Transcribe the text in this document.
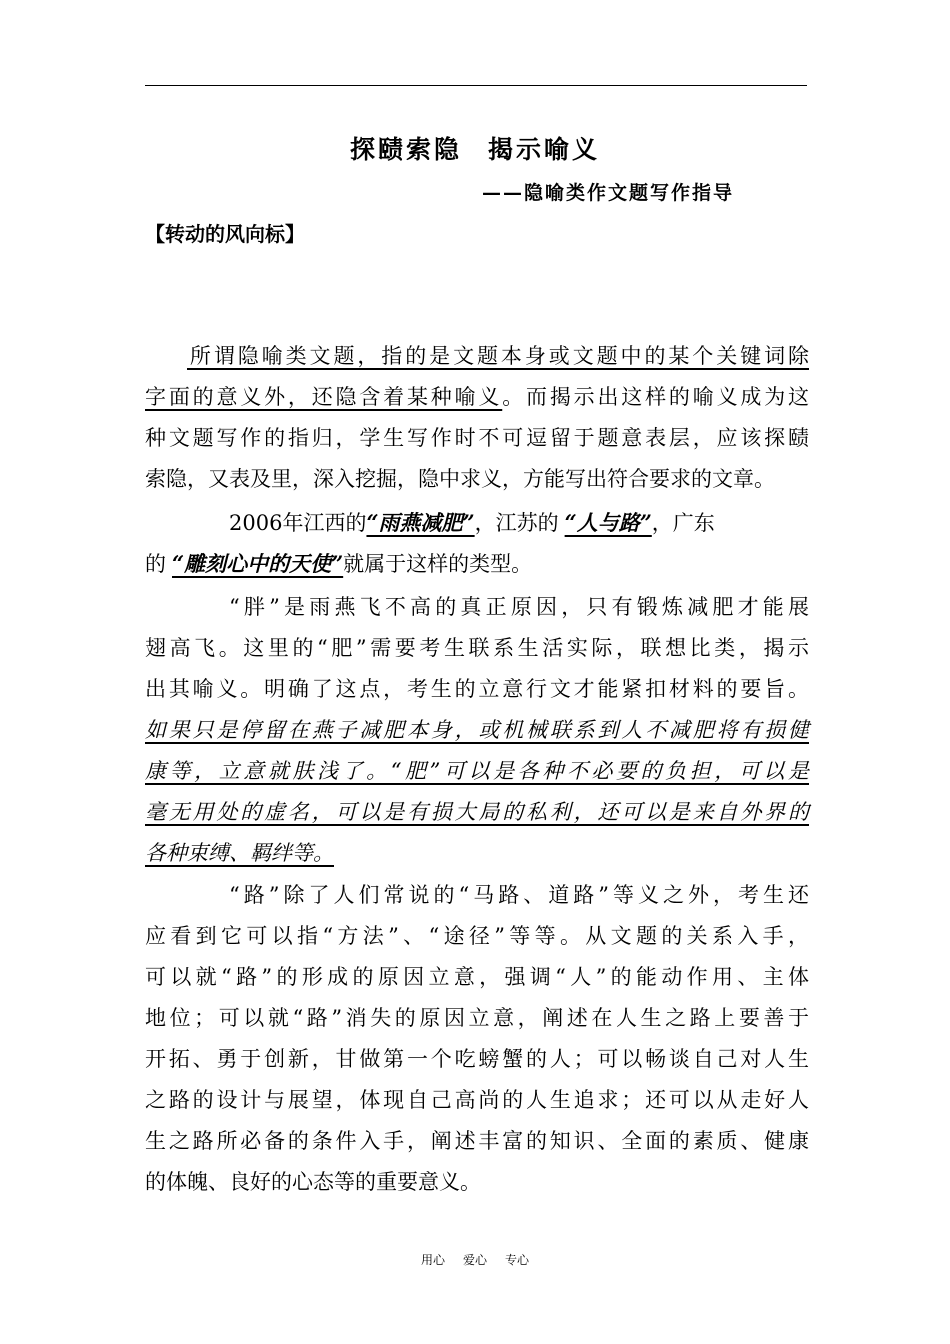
探赜索隐 揭示喻义
——隐喻类作文题写作指导
【转动的风向标】
所谓隐喻类文题，指的是文题本身或文题中的某个关键词除
字面的意义外，还隐含着某种喻义。而揭示出这样的喻义成为这
种文题写作的指归，学生写作时不可逗留于题意表层，应该探赜
索隐，又表及里，深入挖掘，隐中求义，方能写出符合要求的文章。
2006年江西的“雨燕减肥”，江苏的 “人与路”，广东
的 “雕刻心中的天使”就属于这样的类型。
“胖”是雨燕飞不高的真正原因，只有锻炼减肥才能展
翅高飞。这里的“肥”需要考生联系生活实际，联想比类，揭示
出其喻义。明确了这点，考生的立意行文才能紧扣材料的要旨。
如果只是停留在燕子减肥本身，或机械联系到人不减肥将有损健
康等，立意就肤浅了。“肥”可以是各种不必要的负担，可以是
毫无用处的虚名，可以是有损大局的私利，还可以是来自外界的
各种束缚、羁绊等。
“路”除了人们常说的“马路、道路”等义之外，考生还
应看到它可以指“方法”、“途径”等等。从文题的关系入手，
可以就“路”的形成的原因立意，强调“人”的能动作用、主体
地位；可以就“路”消失的原因立意，阐述在人生之路上要善于
开拓、勇于创新，甘做第一个吃螃蟹的人；可以畅谈自己对人生
之路的设计与展望，体现自己高尚的人生追求；还可以从走好人
生之路所必备的条件入手，阐述丰富的知识、全面的素质、健康
的体魄、良好的心态等的重要意义。
用心 爱心 专心
